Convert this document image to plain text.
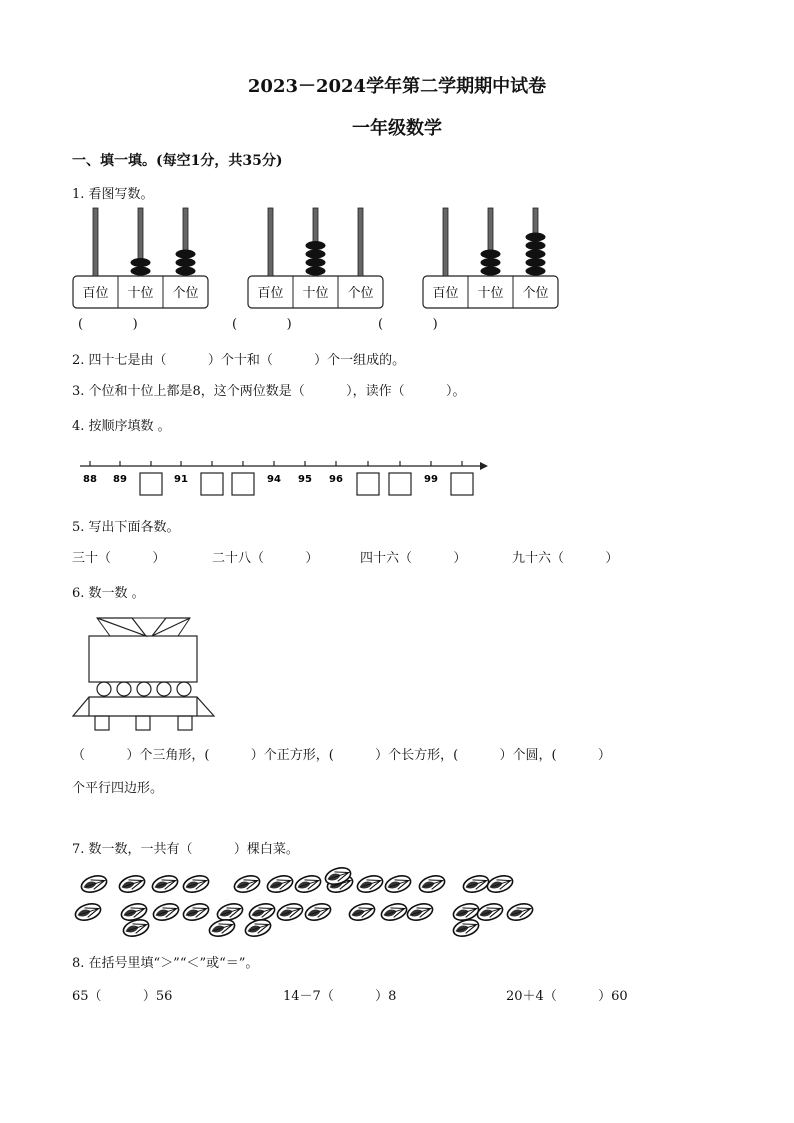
2023－2024学年第二学期期中试卷
一年级数学
一、填一填。(每空1分，共35分)
1. 看图写数。
百位 十位 个位	百位 十位 个位	百位 十位 个位
(            )	(            )	(            )
2. 四十七是由（          ）个十和（          ）个一组成的。
3. 个位和十位上都是8，这个两位数是（          ），读作（          ）。
4. 按顺序填数 。
88 89	91	94 95 96	99
5. 写出下面各数。
三十（          ）	二十八（          ）	四十六（          ）	九十六（          ）
6. 数一数 。
（          ）个三角形，(          ）个正方形，(          ）个长方形，(          ）个圆，(          ）
个平行四边形。
7. 数一数，一共有（          ）棵白菜。
8. 在括号里填“＞”“＜”或“＝”。
65（          ）56	14－7（          ）8	20＋4（          ）60
